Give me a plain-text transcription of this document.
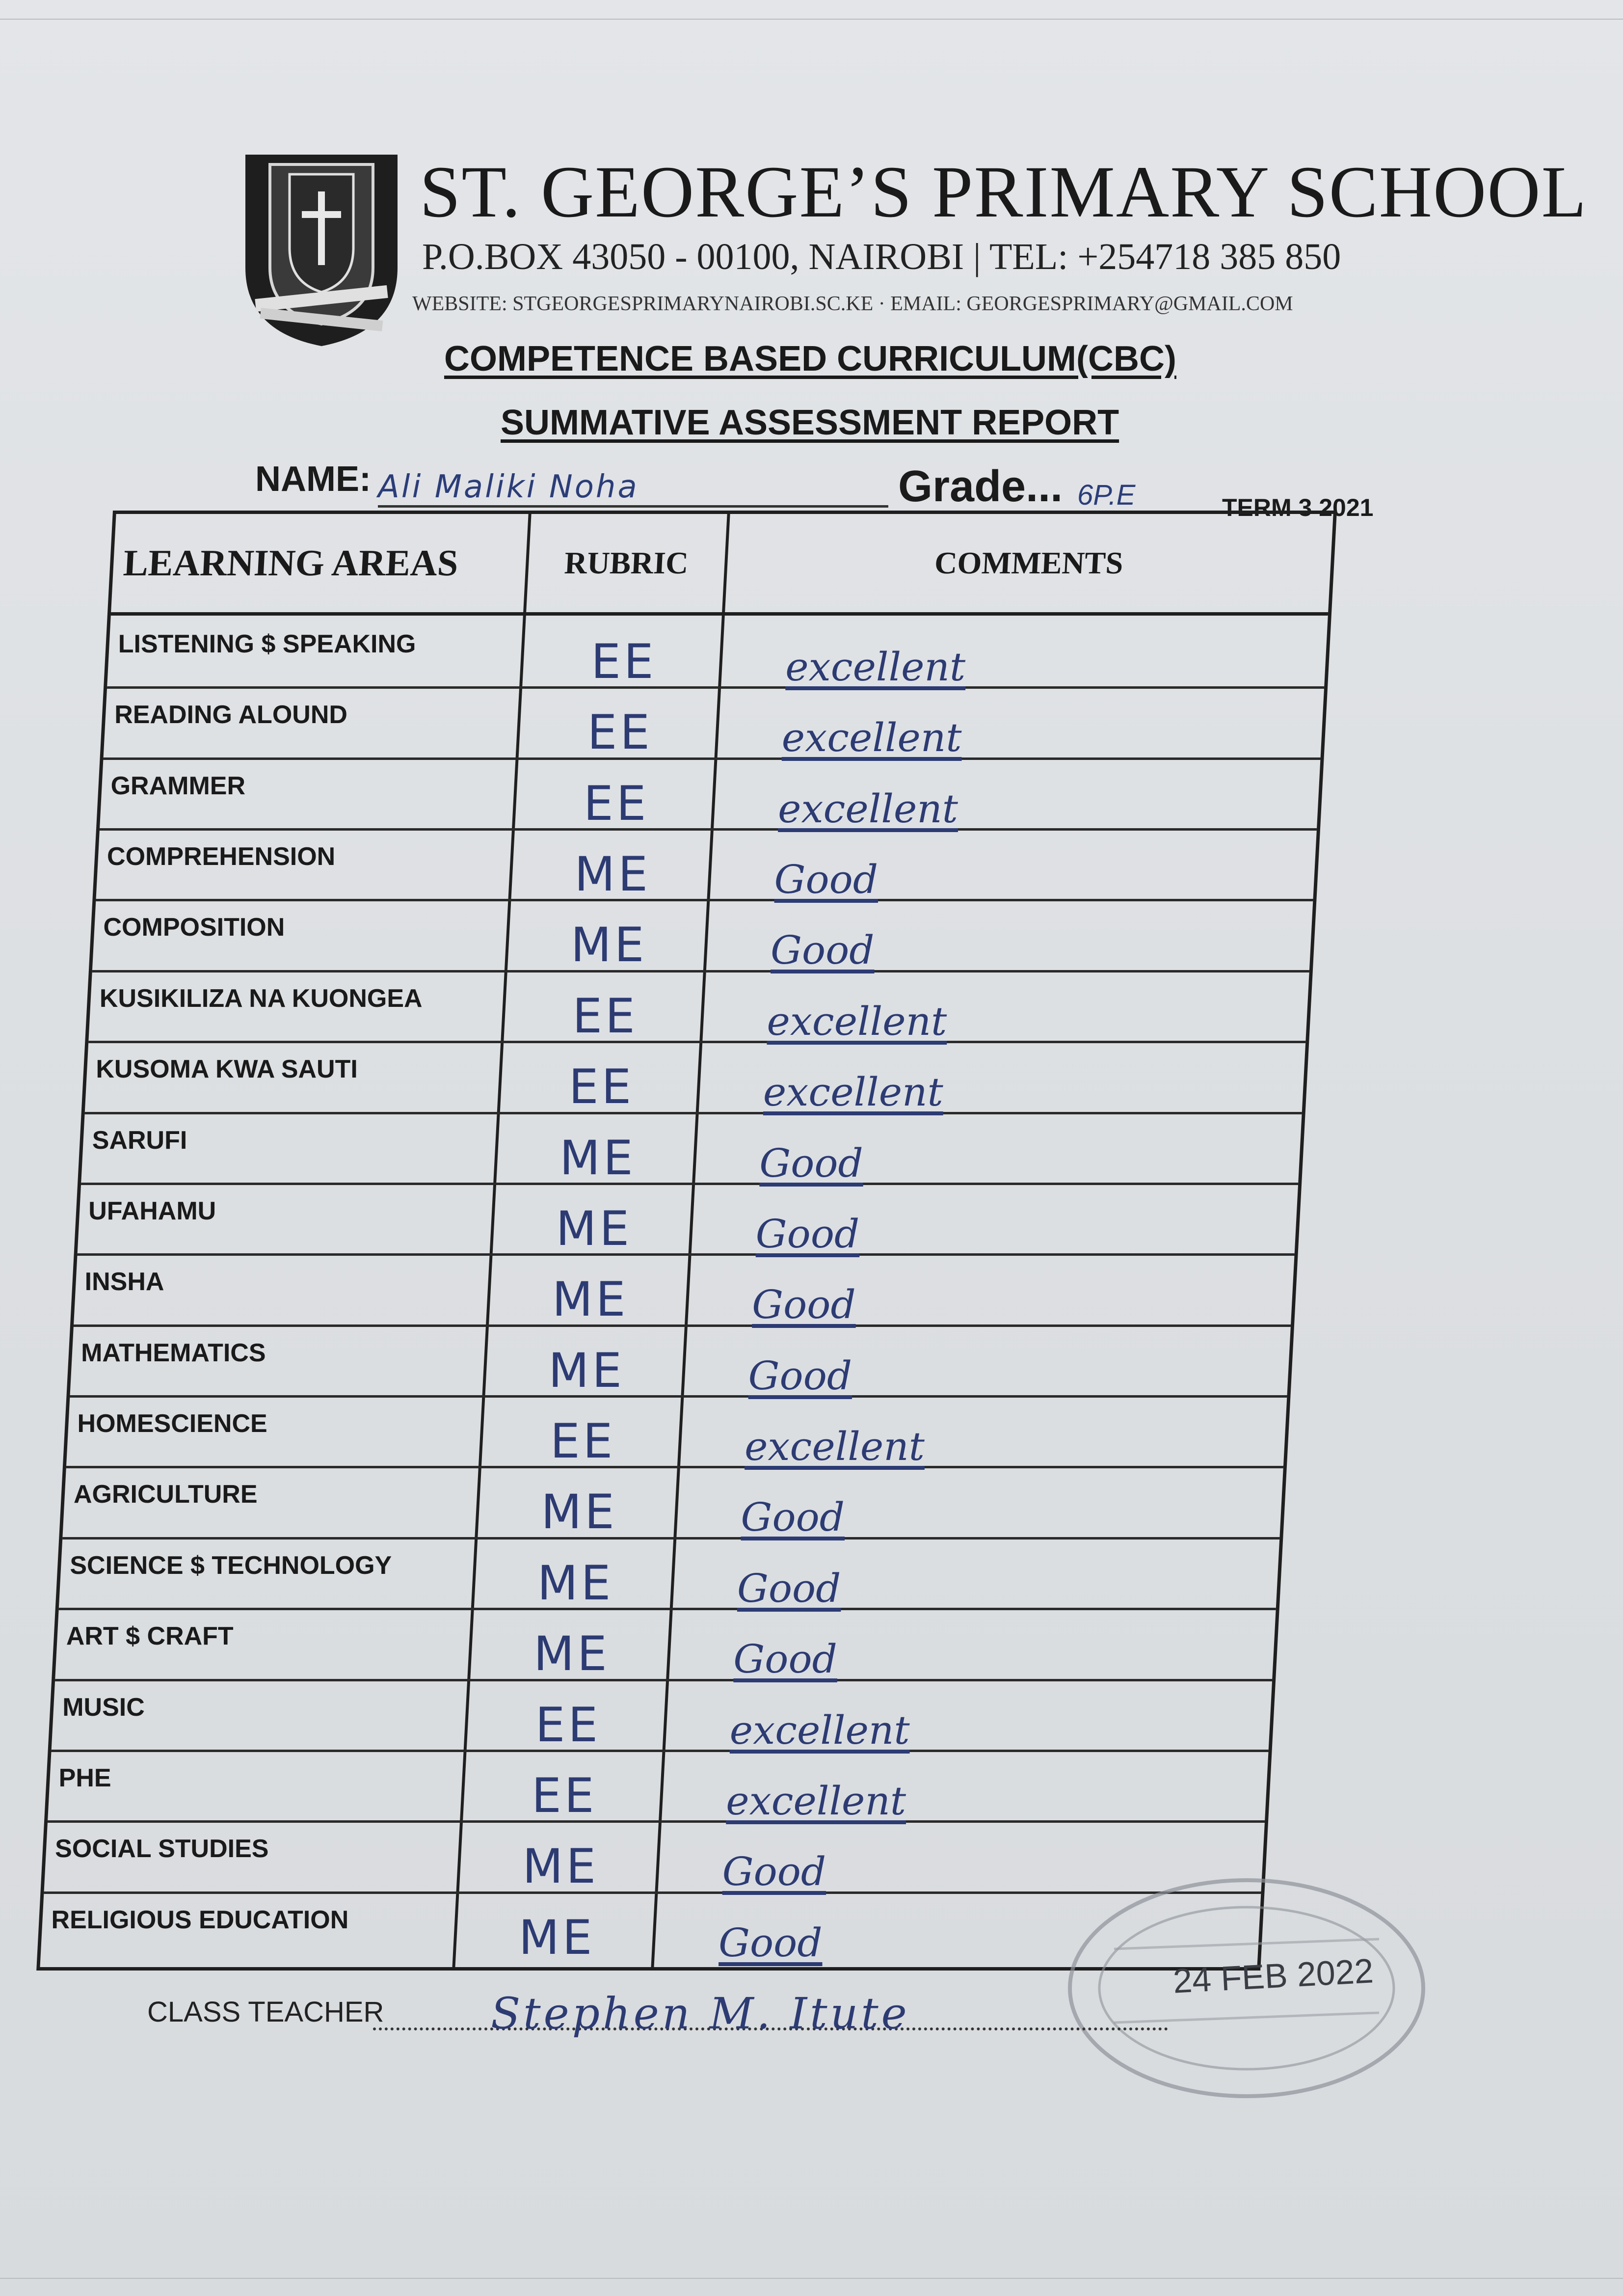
ST. GEORGE’S PRIMARY SCHOOL
P.O.BOX 43050 - 00100, NAIROBI | TEL: +254718 385 850
WEBSITE: STGEORGESPRIMARYNAIROBI.SC.KE · EMAIL: GEORGESPRIMARY@GMAIL.COM
COMPETENCE BASED CURRICULUM(CBC)
SUMMATIVE ASSESSMENT REPORT
NAME: Ali Maliki Noha	Grade... 6P.E	TERM 3 2021
LEARNING AREAS	RUBRIC	COMMENTS
LISTENING $ SPEAKING	EE	excellent
READING ALOUND	EE	excellent
GRAMMER	EE	excellent
COMPREHENSION	ME	Good
COMPOSITION	ME	Good
KUSIKILIZA NA KUONGEA	EE	excellent
KUSOMA KWA SAUTI	EE	excellent
SARUFI	ME	Good
UFAHAMU	ME	Good
INSHA	ME	Good
MATHEMATICS	ME	Good
HOMESCIENCE	EE	excellent
AGRICULTURE	ME	Good
SCIENCE $ TECHNOLOGY	ME	Good
ART $ CRAFT	ME	Good
MUSIC	EE	excellent
PHE	EE	excellent
SOCIAL STUDIES	ME	Good
RELIGIOUS EDUCATION	ME	Good
24 FEB 2022
CLASS TEACHER Stephen M. Itute
